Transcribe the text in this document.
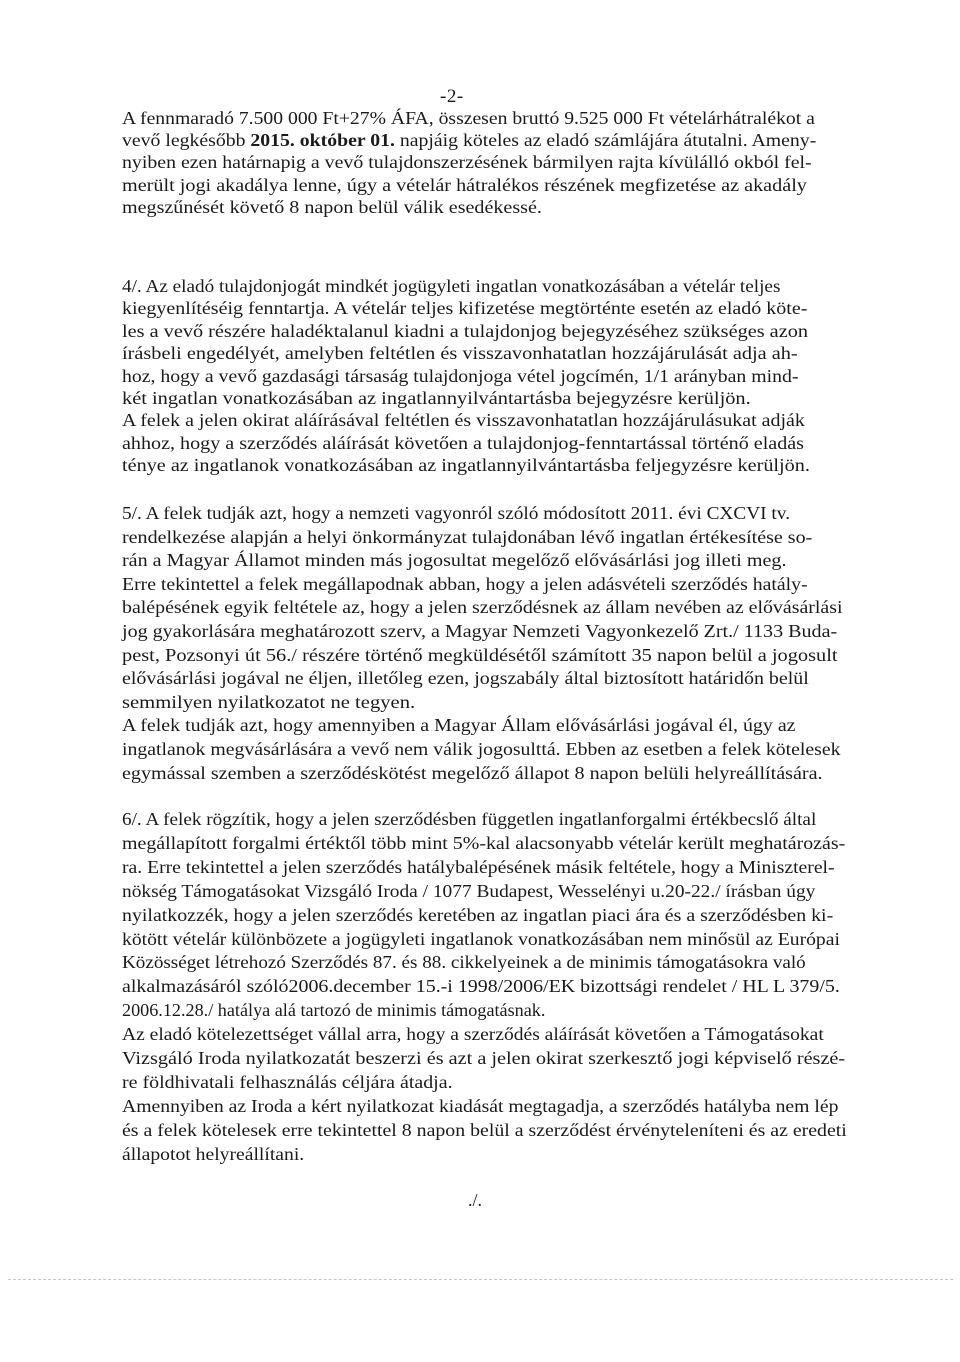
-2-
A fennmaradó 7.500 000 Ft+27% ÁFA, összesen bruttó 9.525 000 Ft vételárhátralékot a
vevő legkésőbb 2015. október 01. napjáig köteles az eladó számlájára átutalni. Ameny-
nyiben ezen határnapig a vevő tulajdonszerzésének bármilyen rajta kívülálló okból fel-
merült jogi akadálya lenne, úgy a vételár hátralékos részének megfizetése az akadály
megszűnését követő 8 napon belül válik esedékessé.
4/. Az eladó tulajdonjogát mindkét jogügyleti ingatlan vonatkozásában a vételár teljes
kiegyenlítéséig fenntartja. A vételár teljes kifizetése megtörténte esetén az eladó köte-
les a vevő részére haladéktalanul kiadni a tulajdonjog bejegyzéséhez szükséges azon
írásbeli engedélyét, amelyben feltétlen és visszavonhatatlan hozzájárulását adja ah-
hoz, hogy a vevő gazdasági társaság tulajdonjoga vétel jogcímén, 1/1 arányban mind-
két ingatlan vonatkozásában az ingatlannyilvántartásba bejegyzésre kerüljön.
A felek a jelen okirat aláírásával feltétlen és visszavonhatatlan hozzájárulásukat adják
ahhoz, hogy a szerződés aláírását követően a tulajdonjog-fenntartással történő eladás
ténye az ingatlanok vonatkozásában az ingatlannyilvántartásba feljegyzésre kerüljön.
5/. A felek tudják azt, hogy a nemzeti vagyonról szóló módosított 2011. évi CXCVI tv.
rendelkezése alapján a helyi önkormányzat tulajdonában lévő ingatlan értékesítése so-
rán a Magyar Államot minden más jogosultat megelőző elővásárlási jog illeti meg.
Erre tekintettel a felek megállapodnak abban, hogy a jelen adásvételi szerződés hatály-
balépésének egyik feltétele az, hogy a jelen szerződésnek az állam nevében az elővásárlási
jog gyakorlására meghatározott szerv, a Magyar Nemzeti Vagyonkezelő Zrt./ 1133 Buda-
pest, Pozsonyi út 56./ részére történő megküldésétől számított 35 napon belül a jogosult
elővásárlási jogával ne éljen, illetőleg ezen, jogszabály által biztosított határidőn belül
semmilyen nyilatkozatot ne tegyen.
A felek tudják azt, hogy amennyiben a Magyar Állam elővásárlási jogával él, úgy az
ingatlanok megvásárlására a vevő nem válik jogosulttá. Ebben az esetben a felek kötelesek
egymással szemben a szerződéskötést megelőző állapot 8 napon belüli helyreállítására.
6/. A felek rögzítik, hogy a jelen szerződésben független ingatlanforgalmi értékbecslő által
megállapított forgalmi értéktől több mint 5%-kal alacsonyabb vételár került meghatározás-
ra. Erre tekintettel a jelen szerződés hatálybalépésének másik feltétele, hogy a Miniszterel-
nökség Támogatásokat Vizsgáló Iroda / 1077 Budapest, Wesselényi u.20-22./ írásban úgy
nyilatkozzék, hogy a jelen szerződés keretében az ingatlan piaci ára és a szerződésben ki-
kötött vételár különbözete a jogügyleti ingatlanok vonatkozásában nem minősül az Európai
Közösséget létrehozó Szerződés 87. és 88. cikkelyeinek a de minimis támogatásokra való
alkalmazásáról szóló2006.december 15.-i 1998/2006/EK bizottsági rendelet / HL L 379/5.
2006.12.28./ hatálya alá tartozó de minimis támogatásnak.
Az eladó kötelezettséget vállal arra, hogy a szerződés aláírását követően a Támogatásokat
Vizsgáló Iroda nyilatkozatát beszerzi és azt a jelen okirat szerkesztő jogi képviselő részé-
re földhivatali felhasználás céljára átadja.
Amennyiben az Iroda a kért nyilatkozat kiadását megtagadja, a szerződés hatályba nem lép
és a felek kötelesek erre tekintettel 8 napon belül a szerződést érvényteleníteni és az eredeti
állapotot helyreállítani.
./.
